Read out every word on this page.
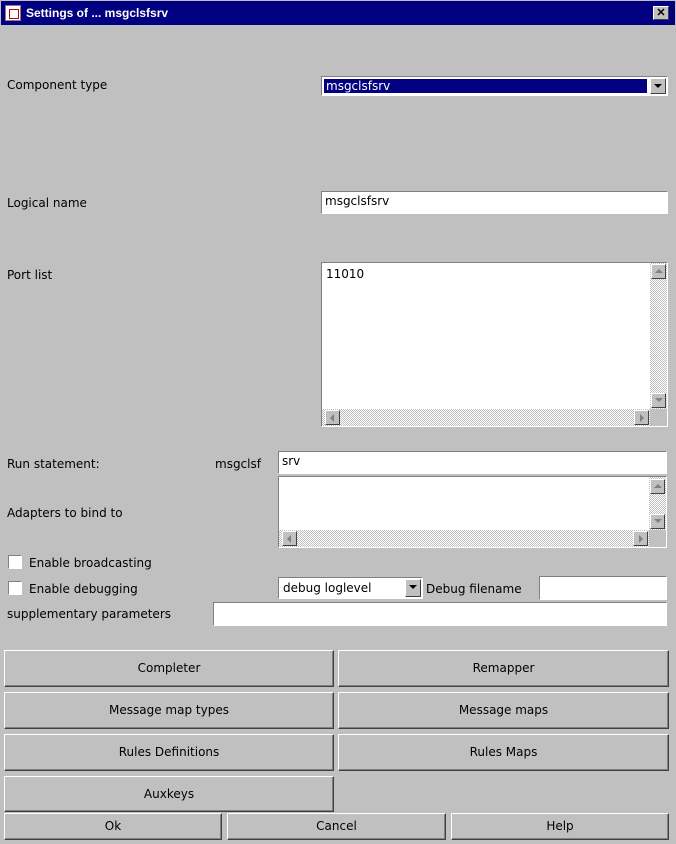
Settings of ... msgclsfsrv	✕
Component type	msgclsfsrv
Logical name	msgclsfsrv
Port list	11010
Run statement:	msgclsf	srv
Adapters to bind to
Enable broadcasting
Enable debugging	debug loglevel	Debug filename
supplementary parameters
Completer	Remapper
Message map types	Message maps
Rules Definitions	Rules Maps
Auxkeys
Ok	Cancel	Help
